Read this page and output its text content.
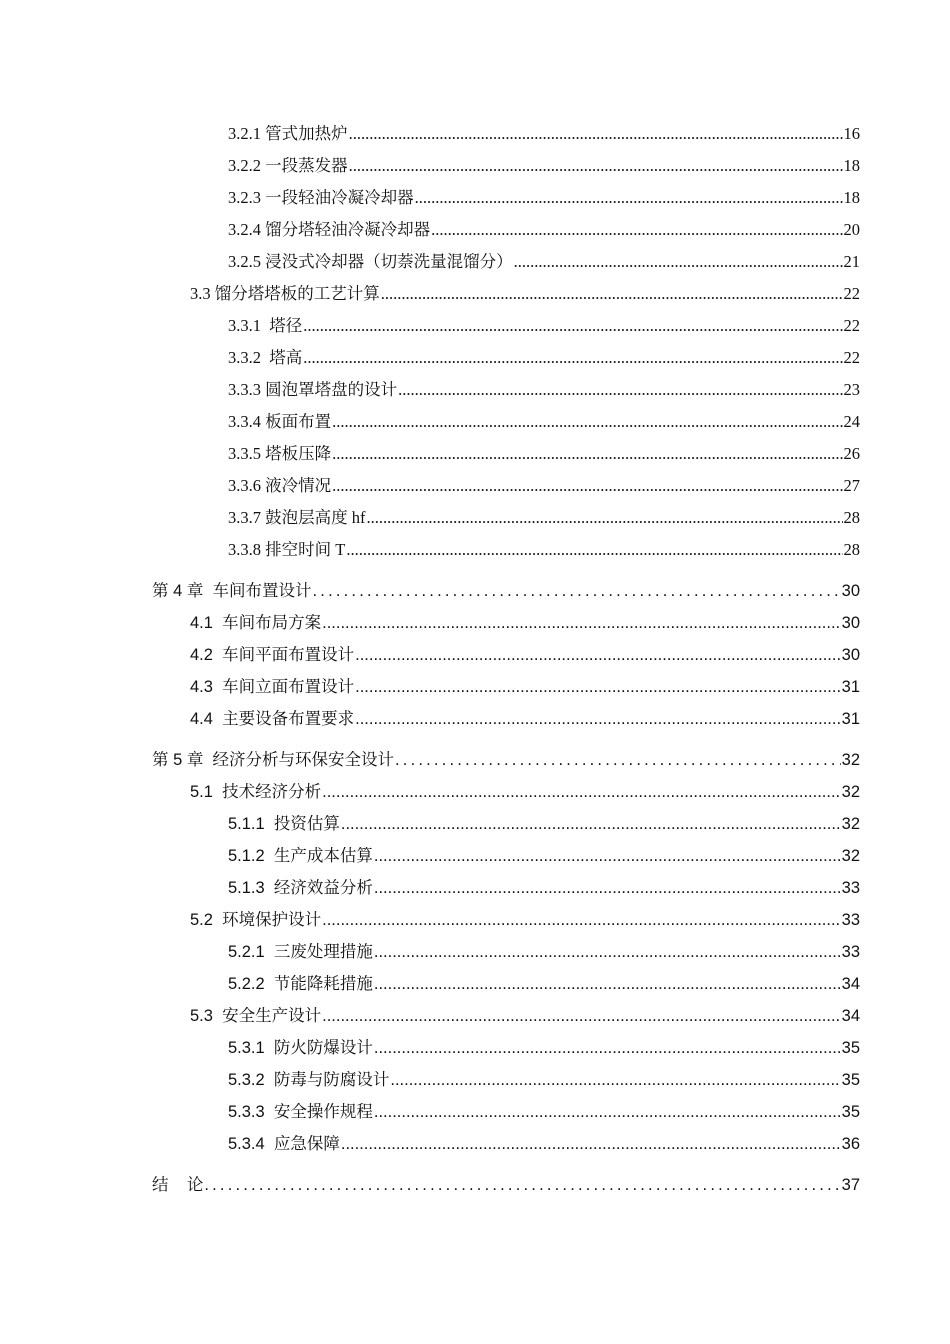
3.2.1 管式加热炉 .....	16
3.2.2 一段蒸发器 .....	18
3.2.3 一段轻油冷凝冷却器 .....	18
3.2.4 馏分塔轻油冷凝冷却器 .....	20
3.2.5 浸没式冷却器（切萘洗量混馏分） .....	21
3.3 馏分塔塔板的工艺计算 .....	22
3.3.1  塔径 .....	22
3.3.2  塔高 .....	22
3.3.3 圆泡罩塔盘的设计 .....	23
3.3.4 板面布置 .....	24
3.3.5 塔板压降 .....	26
3.3.6 液冷情况 .....	27
3.3.7 鼓泡层高度 hf .....	28
3.3.8 排空时间 T .....	28
第 4 章  车间布置设计 .....	30
4.1  车间布局方案 .....	30
4.2  车间平面布置设计 .....	30
4.3  车间立面布置设计 .....	31
4.4  主要设备布置要求 .....	31
第 5 章  经济分析与环保安全设计 .....	32
5.1  技术经济分析 .....	32
5.1.1  投资估算 .....	32
5.1.2  生产成本估算 .....	32
5.1.3  经济效益分析 .....	33
5.2  环境保护设计 .....	33
5.2.1  三废处理措施 .....	33
5.2.2  节能降耗措施 .....	34
5.3  安全生产设计 .....	34
5.3.1  防火防爆设计 .....	35
5.3.2  防毒与防腐设计 .....	35
5.3.3  安全操作规程 .....	35
5.3.4  应急保障 .....	36
结    论 .....	37
